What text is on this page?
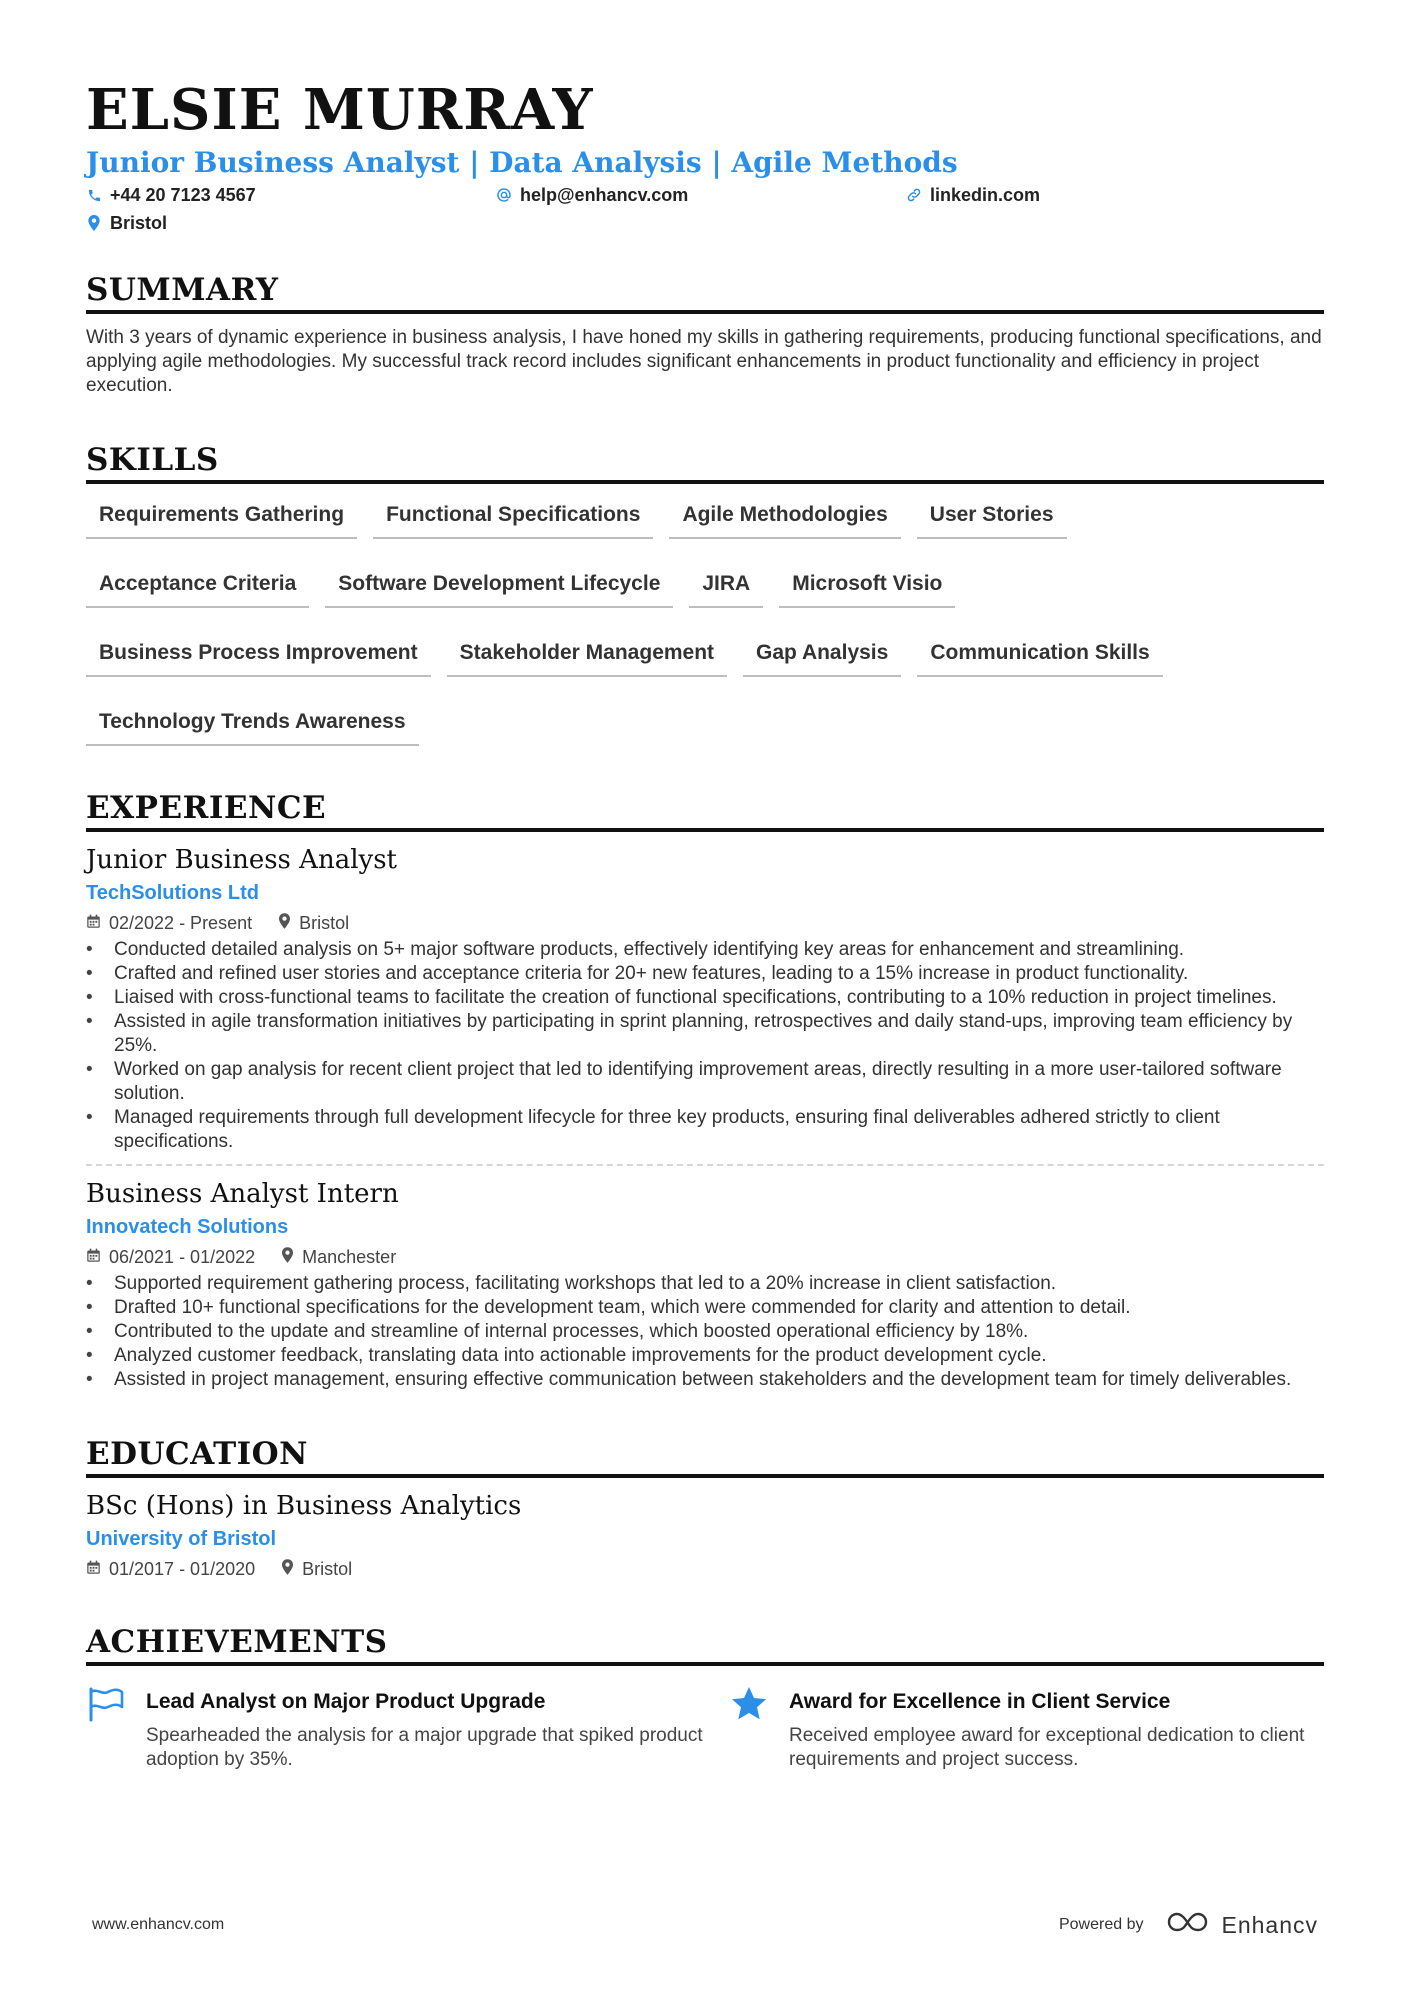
ELSIE MURRAY
Junior Business Analyst | Data Analysis | Agile Methods
+44 20 7123 4567	help@enhancv.com	linkedin.com
Bristol
SUMMARY
With 3 years of dynamic experience in business analysis, I have honed my skills in gathering requirements, producing functional specifications, and applying agile methodologies. My successful track record includes significant enhancements in product functionality and efficiency in project execution.
SKILLS
Requirements Gathering	Functional Specifications	Agile Methodologies	User Stories
Acceptance Criteria	Software Development Lifecycle	JIRA	Microsoft Visio
Business Process Improvement	Stakeholder Management	Gap Analysis	Communication Skills
Technology Trends Awareness
EXPERIENCE
Junior Business Analyst
TechSolutions Ltd
02/2022 - Present	Bristol
• Conducted detailed analysis on 5+ major software products, effectively identifying key areas for enhancement and streamlining.
• Crafted and refined user stories and acceptance criteria for 20+ new features, leading to a 15% increase in product functionality.
• Liaised with cross-functional teams to facilitate the creation of functional specifications, contributing to a 10% reduction in project timelines.
• Assisted in agile transformation initiatives by participating in sprint planning, retrospectives and daily stand-ups, improving team efficiency by 25%.
• Worked on gap analysis for recent client project that led to identifying improvement areas, directly resulting in a more user-tailored software solution.
• Managed requirements through full development lifecycle for three key products, ensuring final deliverables adhered strictly to client specifications.
Business Analyst Intern
Innovatech Solutions
06/2021 - 01/2022	Manchester
• Supported requirement gathering process, facilitating workshops that led to a 20% increase in client satisfaction.
• Drafted 10+ functional specifications for the development team, which were commended for clarity and attention to detail.
• Contributed to the update and streamline of internal processes, which boosted operational efficiency by 18%.
• Analyzed customer feedback, translating data into actionable improvements for the product development cycle.
• Assisted in project management, ensuring effective communication between stakeholders and the development team for timely deliverables.
EDUCATION
BSc (Hons) in Business Analytics
University of Bristol
01/2017 - 01/2020	Bristol
ACHIEVEMENTS
Lead Analyst on Major Product Upgrade
Spearheaded the analysis for a major upgrade that spiked product adoption by 35%.
Award for Excellence in Client Service
Received employee award for exceptional dedication to client requirements and project success.
www.enhancv.com	Powered by	Enhancv
